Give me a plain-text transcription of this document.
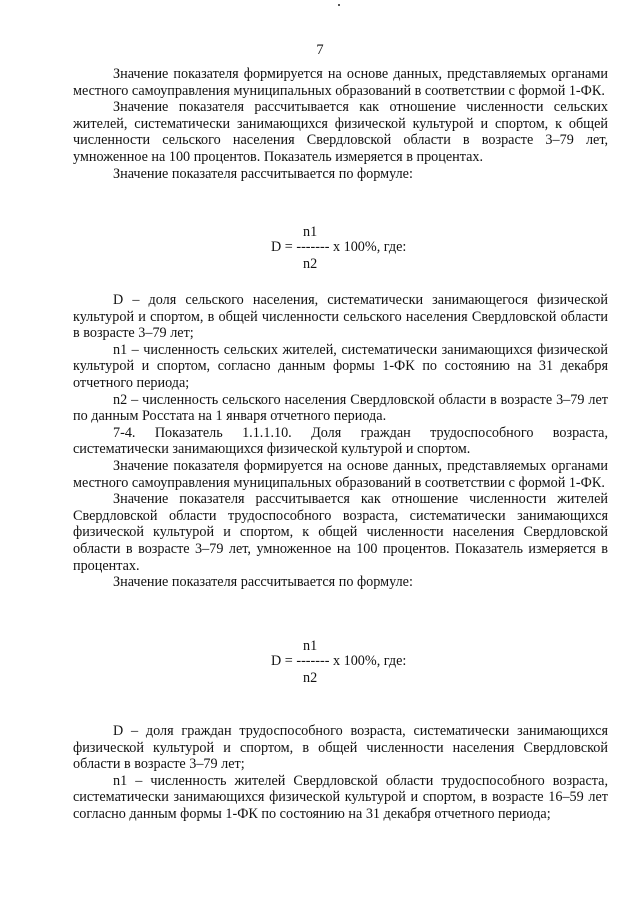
7

Значение показателя формируется на основе данных, представляемых органами местного самоуправления муниципальных образований в соответствии с формой 1-ФК.

Значение показателя рассчитывается как отношение численности сельских жителей, систематически занимающихся физической культурой и спортом, к общей численности сельского населения Свердловской области в возрасте 3–79 лет, умноженное на 100 процентов. Показатель измеряется в процентах.

Значение показателя рассчитывается по формуле:

n1
D = ------- x 100%, где:
n2

D – доля сельского населения, систематически занимающегося физической культурой и спортом, в общей численности сельского населения Свердловской области в возрасте 3–79 лет;

n1 – численность сельских жителей, систематически занимающихся физической культурой и спортом, согласно данным формы 1-ФК по состоянию на 31 декабря отчетного периода;

n2 – численность сельского населения Свердловской области в возрасте 3–79 лет по данным Росстата на 1 января отчетного периода.

7-4. Показатель 1.1.1.10. Доля граждан трудоспособного возраста, систематически занимающихся физической культурой и спортом.

Значение показателя формируется на основе данных, представляемых органами местного самоуправления муниципальных образований в соответствии с формой 1-ФК.

Значение показателя рассчитывается как отношение численности жителей Свердловской области трудоспособного возраста, систематически занимающихся физической культурой и спортом, к общей численности населения Свердловской области в возрасте 3–79 лет, умноженное на 100 процентов. Показатель измеряется в процентах.

Значение показателя рассчитывается по формуле:

n1
D = ------- x 100%, где:
n2

D – доля граждан трудоспособного возраста, систематически занимающихся физической культурой и спортом, в общей численности населения Свердловской области в возрасте 3–79 лет;

n1 – численность жителей Свердловской области трудоспособного возраста, систематически занимающихся физической культурой и спортом, в возрасте 16–59 лет согласно данным формы 1-ФК по состоянию на 31 декабря отчетного периода;
